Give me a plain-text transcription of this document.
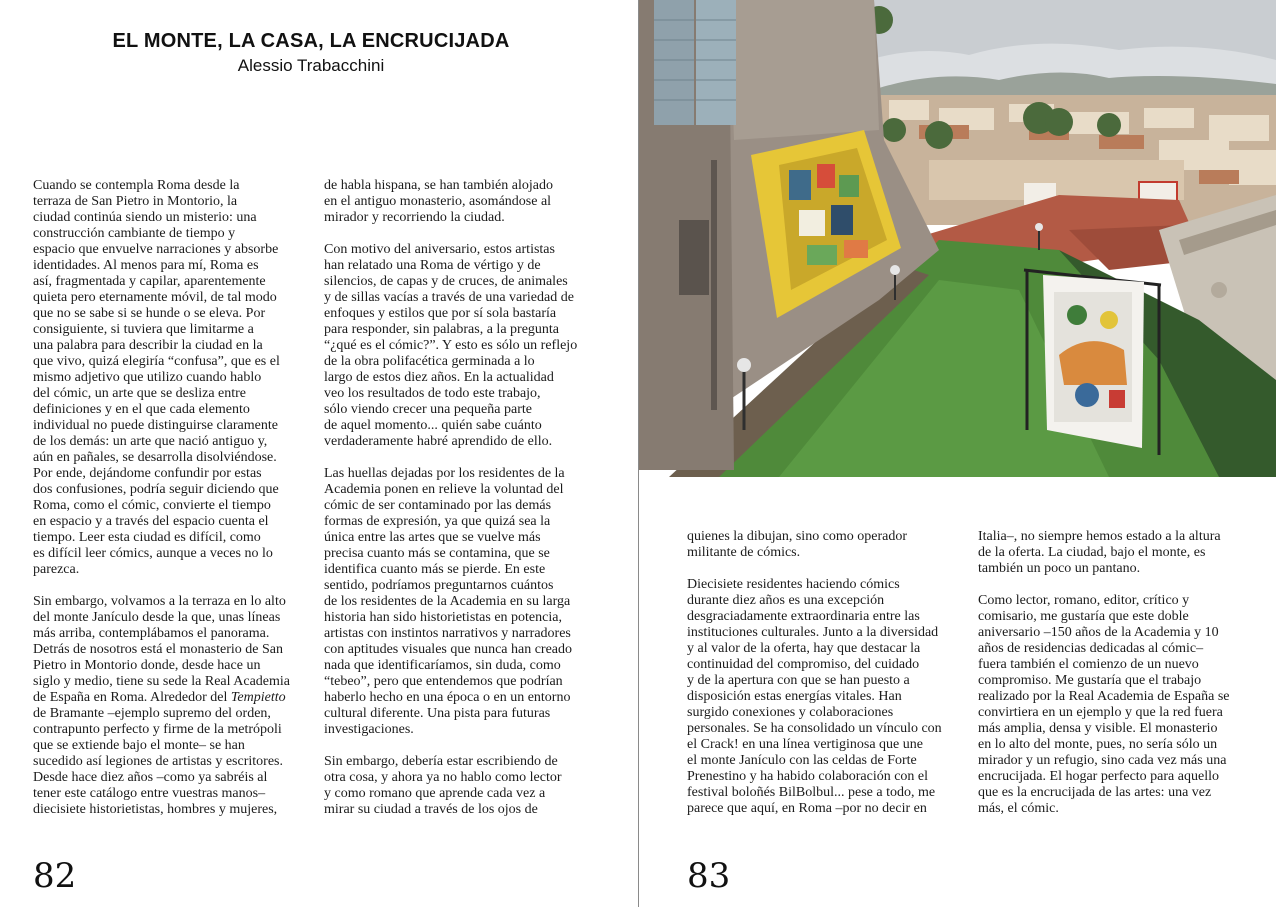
EL MONTE, LA CASA, LA ENCRUCIJADA
Alessio Trabacchini

Cuando se contempla Roma desde la
terraza de San Pietro in Montorio, la
ciudad continúa siendo un misterio: una
construcción cambiante de tiempo y
espacio que envuelve narraciones y absorbe
identidades. Al menos para mí, Roma es
así, fragmentada y capilar, aparentemente
quieta pero eternamente móvil, de tal modo
que no se sabe si se hunde o se eleva. Por
consiguiente, si tuviera que limitarme a
una palabra para describir la ciudad en la
que vivo, quizá elegiría “confusa”, que es el
mismo adjetivo que utilizo cuando hablo
del cómic, un arte que se desliza entre
definiciones y en el que cada elemento
individual no puede distinguirse claramente
de los demás: un arte que nació antiguo y,
aún en pañales, se desarrolla disolviéndose.
Por ende, dejándome confundir por estas
dos confusiones, podría seguir diciendo que
Roma, como el cómic, convierte el tiempo
en espacio y a través del espacio cuenta el
tiempo. Leer esta ciudad es difícil, como
es difícil leer cómics, aunque a veces no lo
parezca.

Sin embargo, volvamos a la terraza en lo alto
del monte Janículo desde la que, unas líneas
más arriba, contemplábamos el panorama.
Detrás de nosotros está el monasterio de San
Pietro in Montorio donde, desde hace un
siglo y medio, tiene su sede la Real Academia
de España en Roma. Alrededor del Tempietto
de Bramante –ejemplo supremo del orden,
contrapunto perfecto y firme de la metrópoli
que se extiende bajo el monte– se han
sucedido así legiones de artistas y escritores.
Desde hace diez años –como ya sabréis al
tener este catálogo entre vuestras manos–
diecisiete historietistas, hombres y mujeres,

de habla hispana, se han también alojado
en el antiguo monasterio, asomándose al
mirador y recorriendo la ciudad.

Con motivo del aniversario, estos artistas
han relatado una Roma de vértigo y de
silencios, de capas y de cruces, de animales
y de sillas vacías a través de una variedad de
enfoques y estilos que por sí sola bastaría
para responder, sin palabras, a la pregunta
“¿qué es el cómic?”. Y esto es sólo un reflejo
de la obra polifacética germinada a lo
largo de estos diez años. En la actualidad
veo los resultados de todo este trabajo,
sólo viendo crecer una pequeña parte
de aquel momento... quién sabe cuánto
verdaderamente habré aprendido de ello.

Las huellas dejadas por los residentes de la
Academia ponen en relieve la voluntad del
cómic de ser contaminado por las demás
formas de expresión, ya que quizá sea la
única entre las artes que se vuelve más
precisa cuanto más se contamina, que se
identifica cuanto más se pierde. En este
sentido, podríamos preguntarnos cuántos
de los residentes de la Academia en su larga
historia han sido historietistas en potencia,
artistas con instintos narrativos y narradores
con aptitudes visuales que nunca han creado
nada que identificaríamos, sin duda, como
“tebeo”, pero que entendemos que podrían
haberlo hecho en una época o en un entorno
cultural diferente. Una pista para futuras
investigaciones.

Sin embargo, debería estar escribiendo de
otra cosa, y ahora ya no hablo como lector
y como romano que aprende cada vez a
mirar su ciudad a través de los ojos de

82

quienes la dibujan, sino como operador
militante de cómics.

Diecisiete residentes haciendo cómics
durante diez años es una excepción
desgraciadamente extraordinaria entre las
instituciones culturales. Junto a la diversidad
y al valor de la oferta, hay que destacar la
continuidad del compromiso, del cuidado
y de la apertura con que se han puesto a
disposición estas energías vitales. Han
surgido conexiones y colaboraciones
personales. Se ha consolidado un vínculo con
el Crack! en una línea vertiginosa que une
el monte Janículo con las celdas de Forte
Prenestino y ha habido colaboración con el
festival boloñés BilBolbul... pese a todo, me
parece que aquí, en Roma –por no decir en

Italia–, no siempre hemos estado a la altura
de la oferta. La ciudad, bajo el monte, es
también un poco un pantano.

Como lector, romano, editor, crítico y
comisario, me gustaría que este doble
aniversario –150 años de la Academia y 10
años de residencias dedicadas al cómic–
fuera también el comienzo de un nuevo
compromiso. Me gustaría que el trabajo
realizado por la Real Academia de España se
convirtiera en un ejemplo y que la red fuera
más amplia, densa y visible. El monasterio
en lo alto del monte, pues, no sería sólo un
mirador y un refugio, sino cada vez más una
encrucijada. El hogar perfecto para aquello
que es la encrucijada de las artes: una vez
más, el cómic.

83
